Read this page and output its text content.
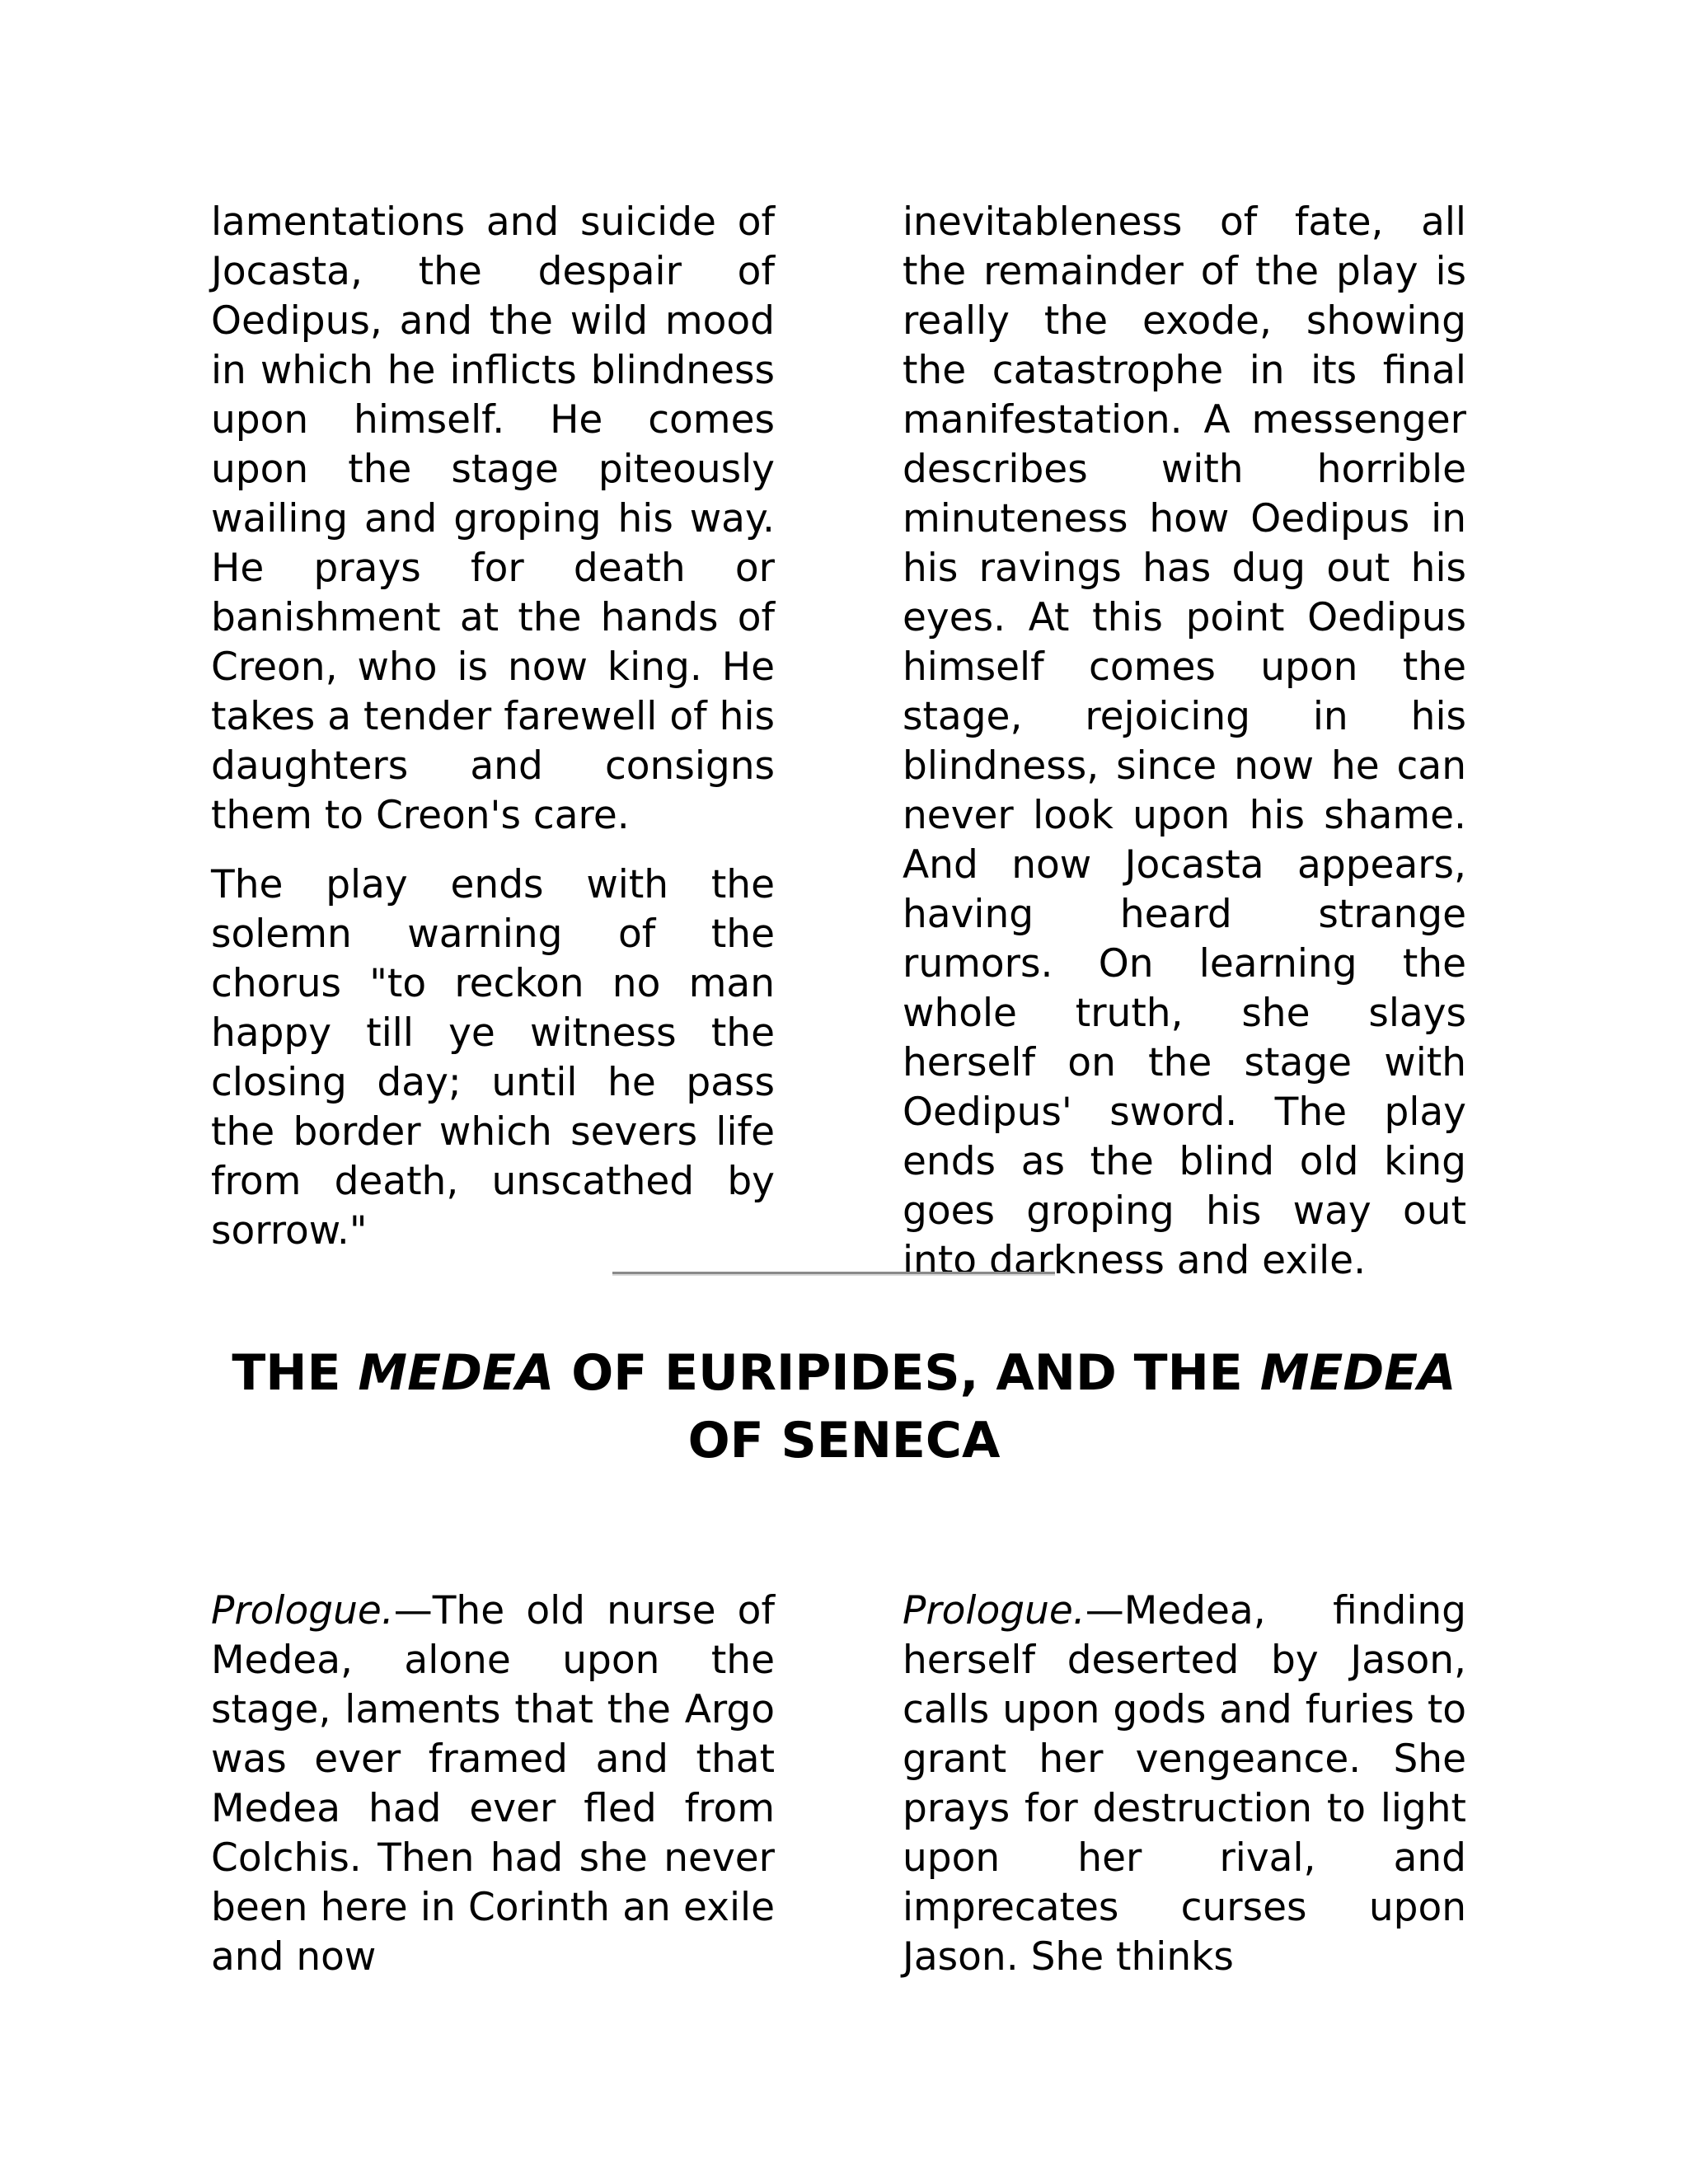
lamentations and suicide of Jocasta, the despair of Oedipus, and the wild mood in which he inflicts blindness upon himself. He comes upon the stage piteously wailing and groping his way. He prays for death or banishment at the hands of Creon, who is now king. He takes a tender farewell of his daughters and consigns them to Creon's care.

The play ends with the solemn warning of the chorus "to reckon no man happy till ye witness the closing day; until he pass the border which severs life from death, unscathed by sorrow."

inevitableness of fate, all the remainder of the play is really the exode, showing the catastrophe in its final manifestation. A messenger describes with horrible minuteness how Oedipus in his ravings has dug out his eyes. At this point Oedipus himself comes upon the stage, rejoicing in his blindness, since now he can never look upon his shame. And now Jocasta appears, having heard strange rumors. On learning the whole truth, she slays herself on the stage with Oedipus' sword. The play ends as the blind old king goes groping his way out into darkness and exile.

THE MEDEA OF EURIPIDES, AND THE MEDEA
OF SENECA

Prologue.—The old nurse of Medea, alone upon the stage, laments that the Argo was ever framed and that Medea had ever fled from Colchis. Then had she never been here in Corinth an exile and now

Prologue.—Medea, finding herself deserted by Jason, calls upon gods and furies to grant her vengeance. She prays for destruction to light upon her rival, and imprecates curses upon Jason. She thinks
